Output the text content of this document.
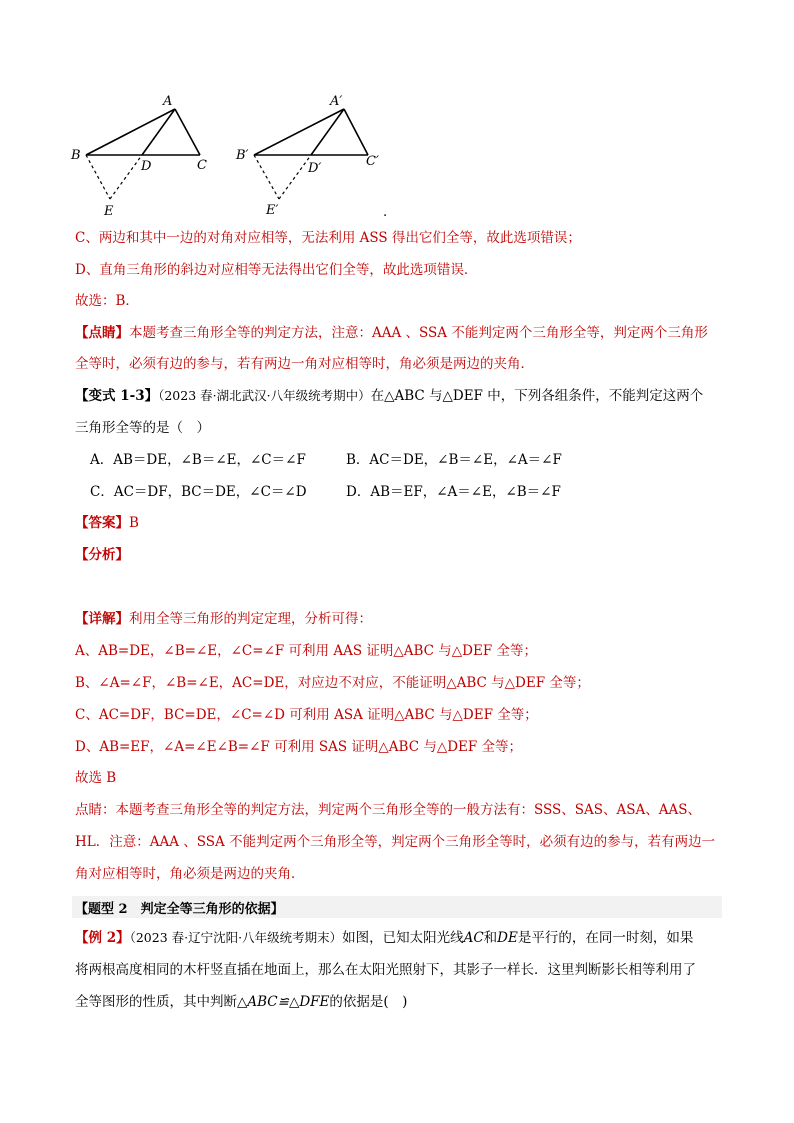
A
B
C
D
E
A′
B′	C′
D′
E′	.
C、两边和其中一边的对角对应相等，无法利用 ASS 得出它们全等，故此选项错误；
D、直角三角形的斜边对应相等无法得出它们全等，故此选项错误．
故选：B．
【点睛】本题考查三角形全等的判定方法，注意：AAA 、SSA 不能判定两个三角形全等，判定两个三角形
全等时，必须有边的参与，若有两边一角对应相等时，角必须是两边的夹角．
【变式 1-3】（2023 春·湖北武汉·八年级统考期中）在△ABC 与△DEF 中，下列各组条件，不能判定这两个
三角形全等的是（　）
A．AB＝DE，∠B＝∠E，∠C＝∠F	B．AC＝DE，∠B＝∠E，∠A＝∠F
C．AC＝DF，BC＝DE，∠C＝∠D	D．AB＝EF，∠A＝∠E，∠B＝∠F
【答案】B
【分析】
【详解】利用全等三角形的判定定理，分析可得：
A、AB=DE，∠B=∠E，∠C=∠F 可利用 AAS 证明△ABC 与△DEF 全等；
B、∠A=∠F，∠B=∠E，AC=DE，对应边不对应，不能证明△ABC 与△DEF 全等；
C、AC=DF，BC=DE，∠C=∠D 可利用 ASA 证明△ABC 与△DEF 全等；
D、AB=EF，∠A=∠E∠B=∠F 可利用 SAS 证明△ABC 与△DEF 全等；
故选 B
点睛：本题考查三角形全等的判定方法，判定两个三角形全等的一般方法有：SSS、SAS、ASA、AAS、
HL．注意：AAA 、SSA 不能判定两个三角形全等，判定两个三角形全等时，必须有边的参与，若有两边一
角对应相等时，角必须是两边的夹角．
【题型 2　判定全等三角形的依据】
【例 2】（2023 春·辽宁沈阳·八年级统考期末）如图，已知太阳光线AC和DE是平行的，在同一时刻，如果
将两根高度相同的木杆竖直插在地面上，那么在太阳光照射下，其影子一样长．这里判断影长相等利用了
全等图形的性质，其中判断△ABC≌△DFE的依据是(　)
